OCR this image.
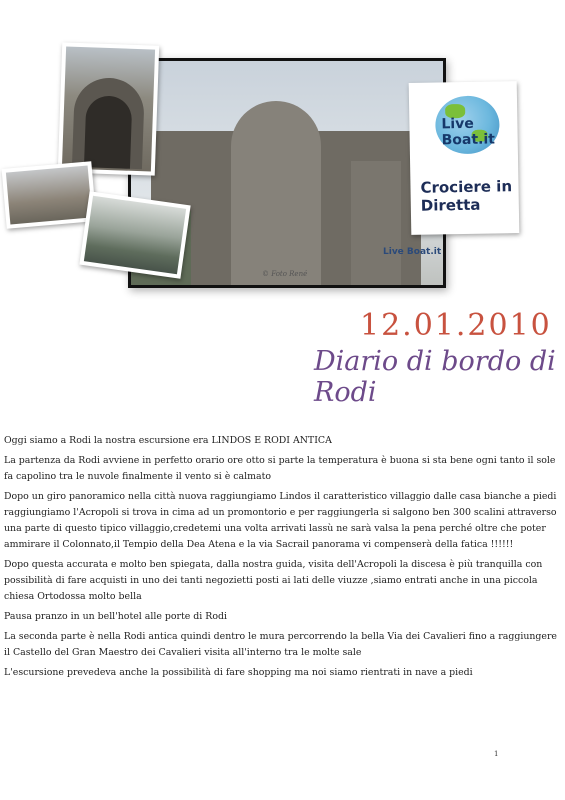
Live Boat.it
© Foto René
Live Boat.it
Crociere in Diretta
12.01.2010
Diario di bordo di Rodi

Oggi siamo a Rodi la nostra escursione era LINDOS E RODI ANTICA

La partenza da Rodi avviene in perfetto orario ore otto si parte la temperatura è buona si sta bene ogni tanto il sole fa capolino tra le nuvole finalmente il vento si è calmato

Dopo un giro panoramico nella città nuova raggiungiamo Lindos il caratteristico villaggio dalle casa bianche a piedi raggiungiamo l'Acropoli si trova in cima ad un promontorio e per raggiungerla si salgono ben 300 scalini attraverso una parte di questo tipico villaggio,credetemi una volta arrivati lassù ne sarà valsa la pena perché oltre che poter ammirare il Colonnato,il Tempio della Dea Atena e la via Sacrail panorama vi compenserà della fatica !!!!!!

Dopo questa accurata e molto ben spiegata, dalla nostra guida, visita dell'Acropoli la discesa è più tranquilla con possibilità di fare acquisti in uno dei tanti negozietti posti ai lati delle viuzze ,siamo entrati anche in una piccola chiesa Ortodossa molto bella

Pausa pranzo in un bell'hotel alle porte di Rodi

La seconda parte è nella Rodi antica quindi dentro le mura percorrendo la bella Via dei Cavalieri fino a raggiungere il Castello del Gran Maestro dei Cavalieri visita all'interno tra le molte sale

L'escursione prevedeva anche la possibilità di fare shopping ma noi siamo rientrati in nave a piedi

1
